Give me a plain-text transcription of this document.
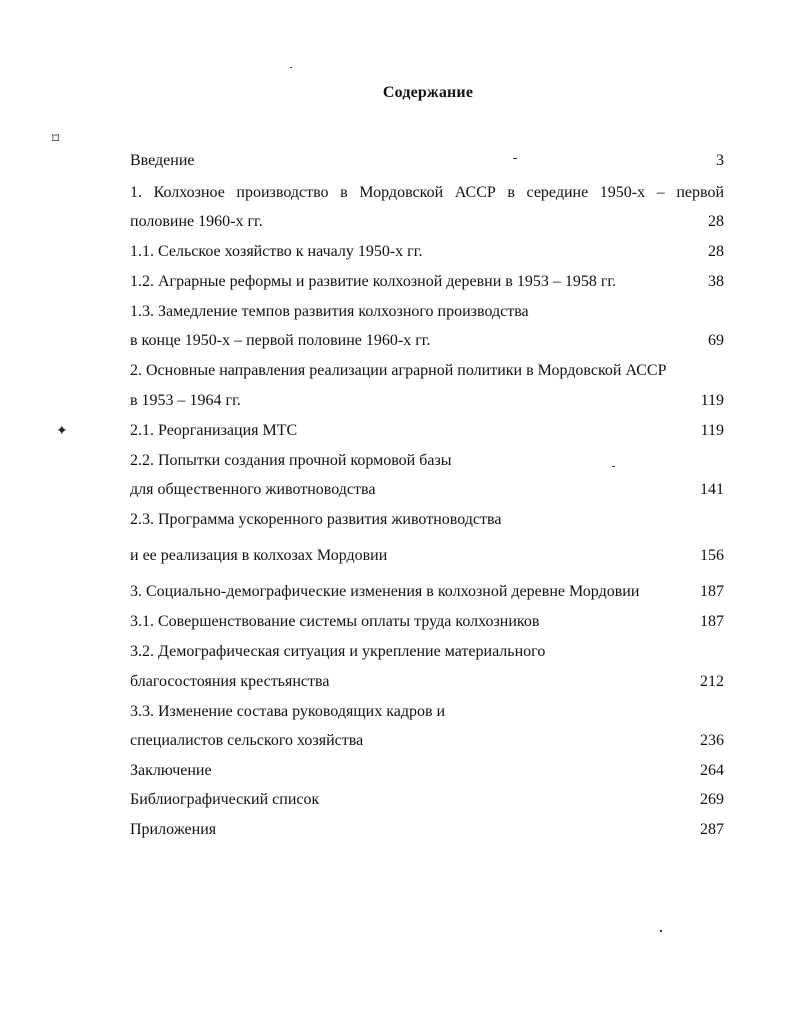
Содержание
⌑
✦
Введение	3
1. Колхозное производство в Мордовской АССР в середине 1950-х – первой
половине 1960-х гг.	28
1.1. Сельское хозяйство к началу 1950-х гг.	28
1.2. Аграрные реформы и развитие колхозной деревни в 1953 – 1958 гг.	38
1.3. Замедление темпов развития колхозного производства
в конце 1950-х – первой половине 1960-х гг.	69
2. Основные направления реализации аграрной политики в Мордовской АССР
в 1953 – 1964 гг.	119
2.1. Реорганизация МТС	119
2.2. Попытки создания прочной кормовой базы
для общественного животноводства	141
2.3. Программа ускоренного развития животноводства
и ее реализация в колхозах Мордовии	156
3. Социально-демографические изменения в колхозной деревне Мордовии	187
3.1. Совершенствование системы оплаты труда колхозников	187
3.2. Демографическая ситуация и укрепление материального
благосостояния крестьянства	212
3.3. Изменение состава руководящих кадров и
специалистов сельского хозяйства	236
Заключение	264
Библиографический список	269
Приложения	287
